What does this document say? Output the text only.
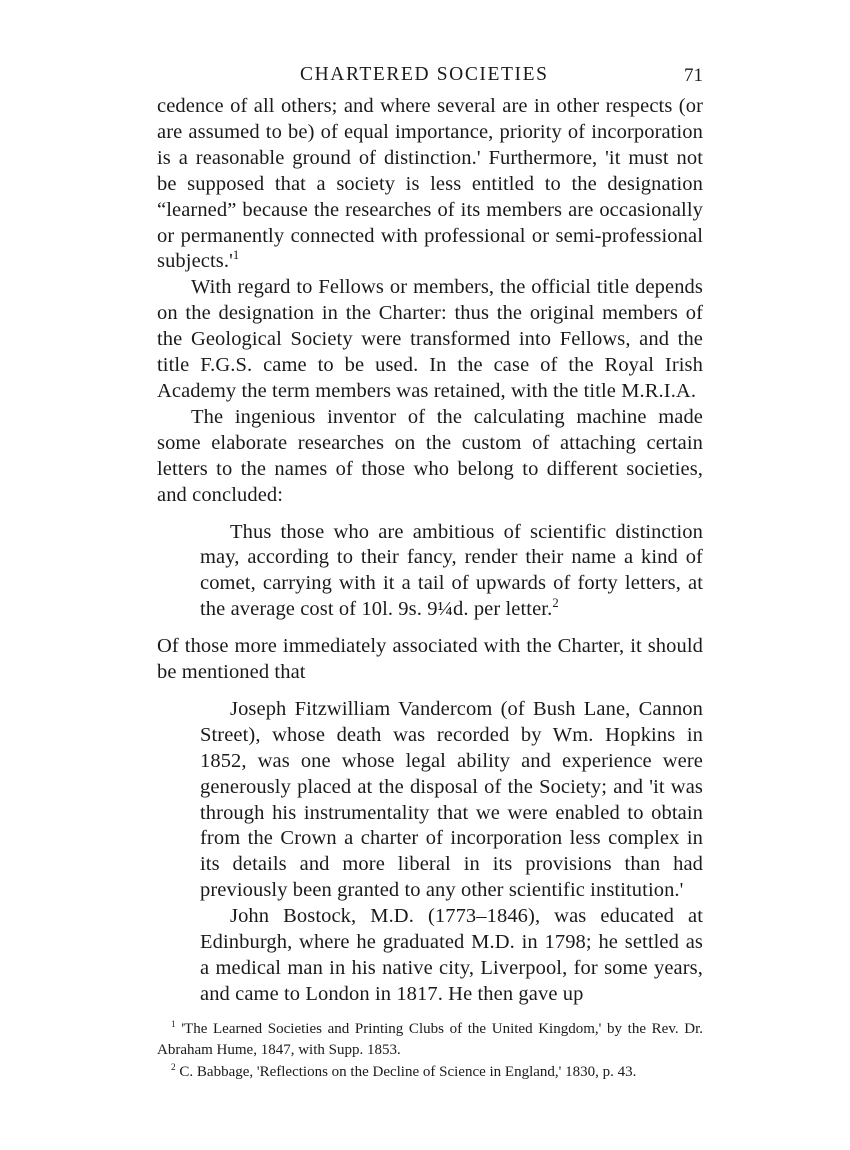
CHARTERED SOCIETIES	71

cedence of all others; and where several are in other respects (or are assumed to be) of equal importance, priority of incorporation is a reasonable ground of distinction.' Furthermore, 'it must not be supposed that a society is less entitled to the designation “learned” because the researches of its members are occasionally or permanently connected with professional or semi-professional $subjects.'^1$

With regard to Fellows or members, the official title depends on the designation in the Charter: thus the original members of the Geological Society were transformed into Fellows, and the title F.G.S. came to be used. In the case of the Royal Irish Academy the term members was retained, with the title M.R.I.A.

The ingenious inventor of the calculating machine made some elaborate researches on the custom of attaching certain letters to the names of those who belong to different societies, and concluded:

Thus those who are ambitious of scientific distinction may, according to their fancy, render their name a kind of comet, carrying with it a tail of upwards of forty letters, at the average cost of 10l. 9s. 9¼d. per letter.$^2$

Of those more immediately associated with the Charter, it should be mentioned that

Joseph Fitzwilliam Vandercom (of Bush Lane, Cannon Street), whose death was recorded by Wm. Hopkins in 1852, was one whose legal ability and experience were generously placed at the disposal of the Society; and 'it was through his instrumentality that we were enabled to obtain from the Crown a charter of incorporation less complex in its details and more liberal in its provisions than had previously been granted to any other scientific institution.'

John Bostock, M.D. (1773–1846), was educated at Edinburgh, where he graduated M.D. in 1798; he settled as a medical man in his native city, Liverpool, for some years, and came to London in 1817. He then gave up

$^1$ 'The Learned Societies and Printing Clubs of the United Kingdom,' by the Rev. Dr. Abraham Hume, 1847, with Supp. 1853.

$^2$ C. Babbage, 'Reflections on the Decline of Science in England,' 1830, p. 43.
